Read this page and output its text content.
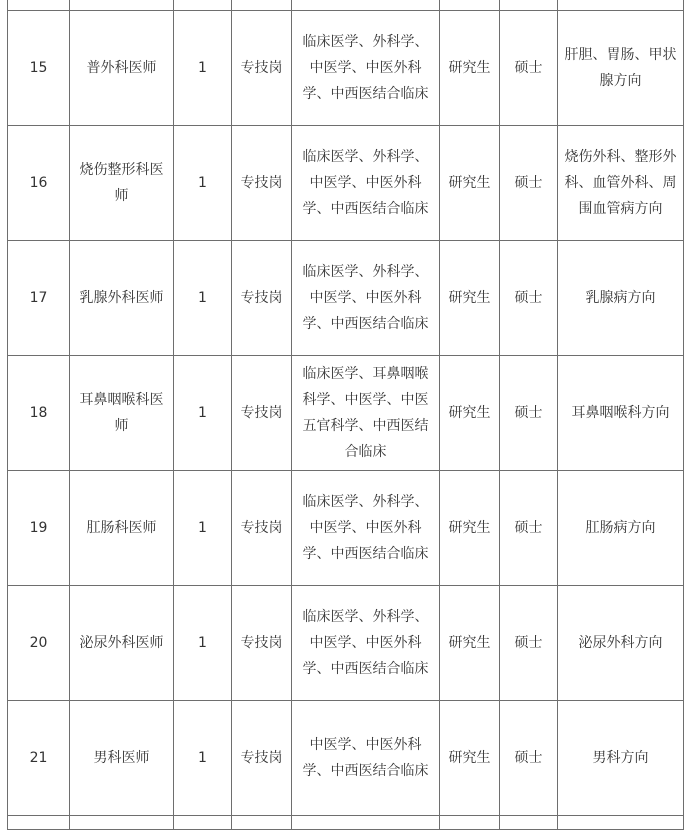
15	普外科医师	1	专技岗	临床医学、外科学、中医学、中医外科学、中西医结合临床	研究生	硕士	肝胆、胃肠、甲状腺方向
16	烧伤整形科医师	1	专技岗	临床医学、外科学、中医学、中医外科学、中西医结合临床	研究生	硕士	烧伤外科、整形外科、血管外科、周围血管病方向
17	乳腺外科医师	1	专技岗	临床医学、外科学、中医学、中医外科学、中西医结合临床	研究生	硕士	乳腺病方向
18	耳鼻咽喉科医师	1	专技岗	临床医学、耳鼻咽喉科学、中医学、中医五官科学、中西医结合临床	研究生	硕士	耳鼻咽喉科方向
19	肛肠科医师	1	专技岗	临床医学、外科学、中医学、中医外科学、中西医结合临床	研究生	硕士	肛肠病方向
20	泌尿外科医师	1	专技岗	临床医学、外科学、中医学、中医外科学、中西医结合临床	研究生	硕士	泌尿外科方向
21	男科医师	1	专技岗	中医学、中医外科学、中西医结合临床	研究生	硕士	男科方向
